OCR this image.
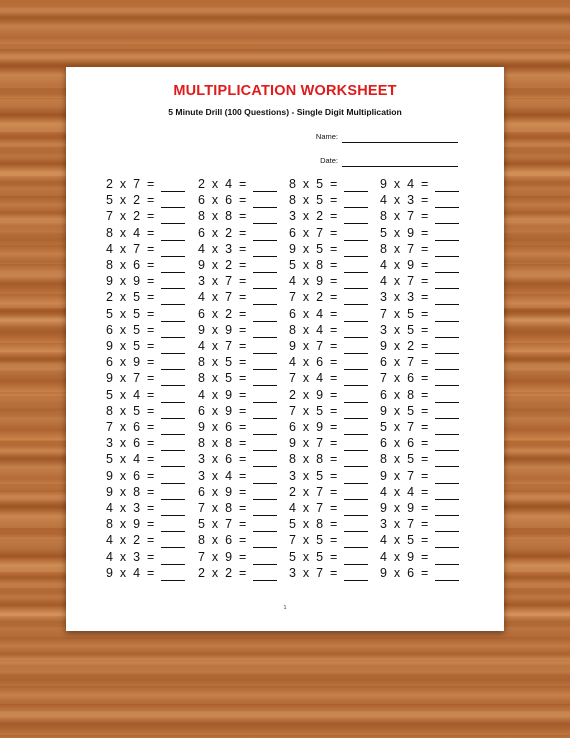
MULTIPLICATION WORKSHEET
5 Minute Drill (100 Questions) - Single Digit Multiplication
Name:
Date:
2  x  7  =
5  x  2  =
7  x  2  =
8  x  4  =
4  x  7  =
8  x  6  =
9  x  9  =
2  x  5  =
5  x  5  =
6  x  5  =
9  x  5  =
6  x  9  =
9  x  7  =
5  x  4  =
8  x  5  =
7  x  6  =
3  x  6  =
5  x  4  =
9  x  6  =
9  x  8  =
4  x  3  =
8  x  9  =
4  x  2  =
4  x  3  =
9  x  4  =
2  x  4  =
6  x  6  =
8  x  8  =
6  x  2  =
4  x  3  =
9  x  2  =
3  x  7  =
4  x  7  =
6  x  2  =
9  x  9  =
4  x  7  =
8  x  5  =
8  x  5  =
4  x  9  =
6  x  9  =
9  x  6  =
8  x  8  =
3  x  6  =
3  x  4  =
6  x  9  =
7  x  8  =
5  x  7  =
8  x  6  =
7  x  9  =
2  x  2  =
8  x  5  =
8  x  5  =
3  x  2  =
6  x  7  =
9  x  5  =
5  x  8  =
4  x  9  =
7  x  2  =
6  x  4  =
8  x  4  =
9  x  7  =
4  x  6  =
7  x  4  =
2  x  9  =
7  x  5  =
6  x  9  =
9  x  7  =
8  x  8  =
3  x  5  =
2  x  7  =
4  x  7  =
5  x  8  =
7  x  5  =
5  x  5  =
3  x  7  =
9  x  4  =
4  x  3  =
8  x  7  =
5  x  9  =
8  x  7  =
4  x  9  =
4  x  7  =
3  x  3  =
7  x  5  =
3  x  5  =
9  x  2  =
6  x  7  =
7  x  6  =
6  x  8  =
9  x  5  =
5  x  7  =
6  x  6  =
8  x  5  =
9  x  7  =
4  x  4  =
9  x  9  =
3  x  7  =
4  x  5  =
4  x  9  =
9  x  6  =
1
